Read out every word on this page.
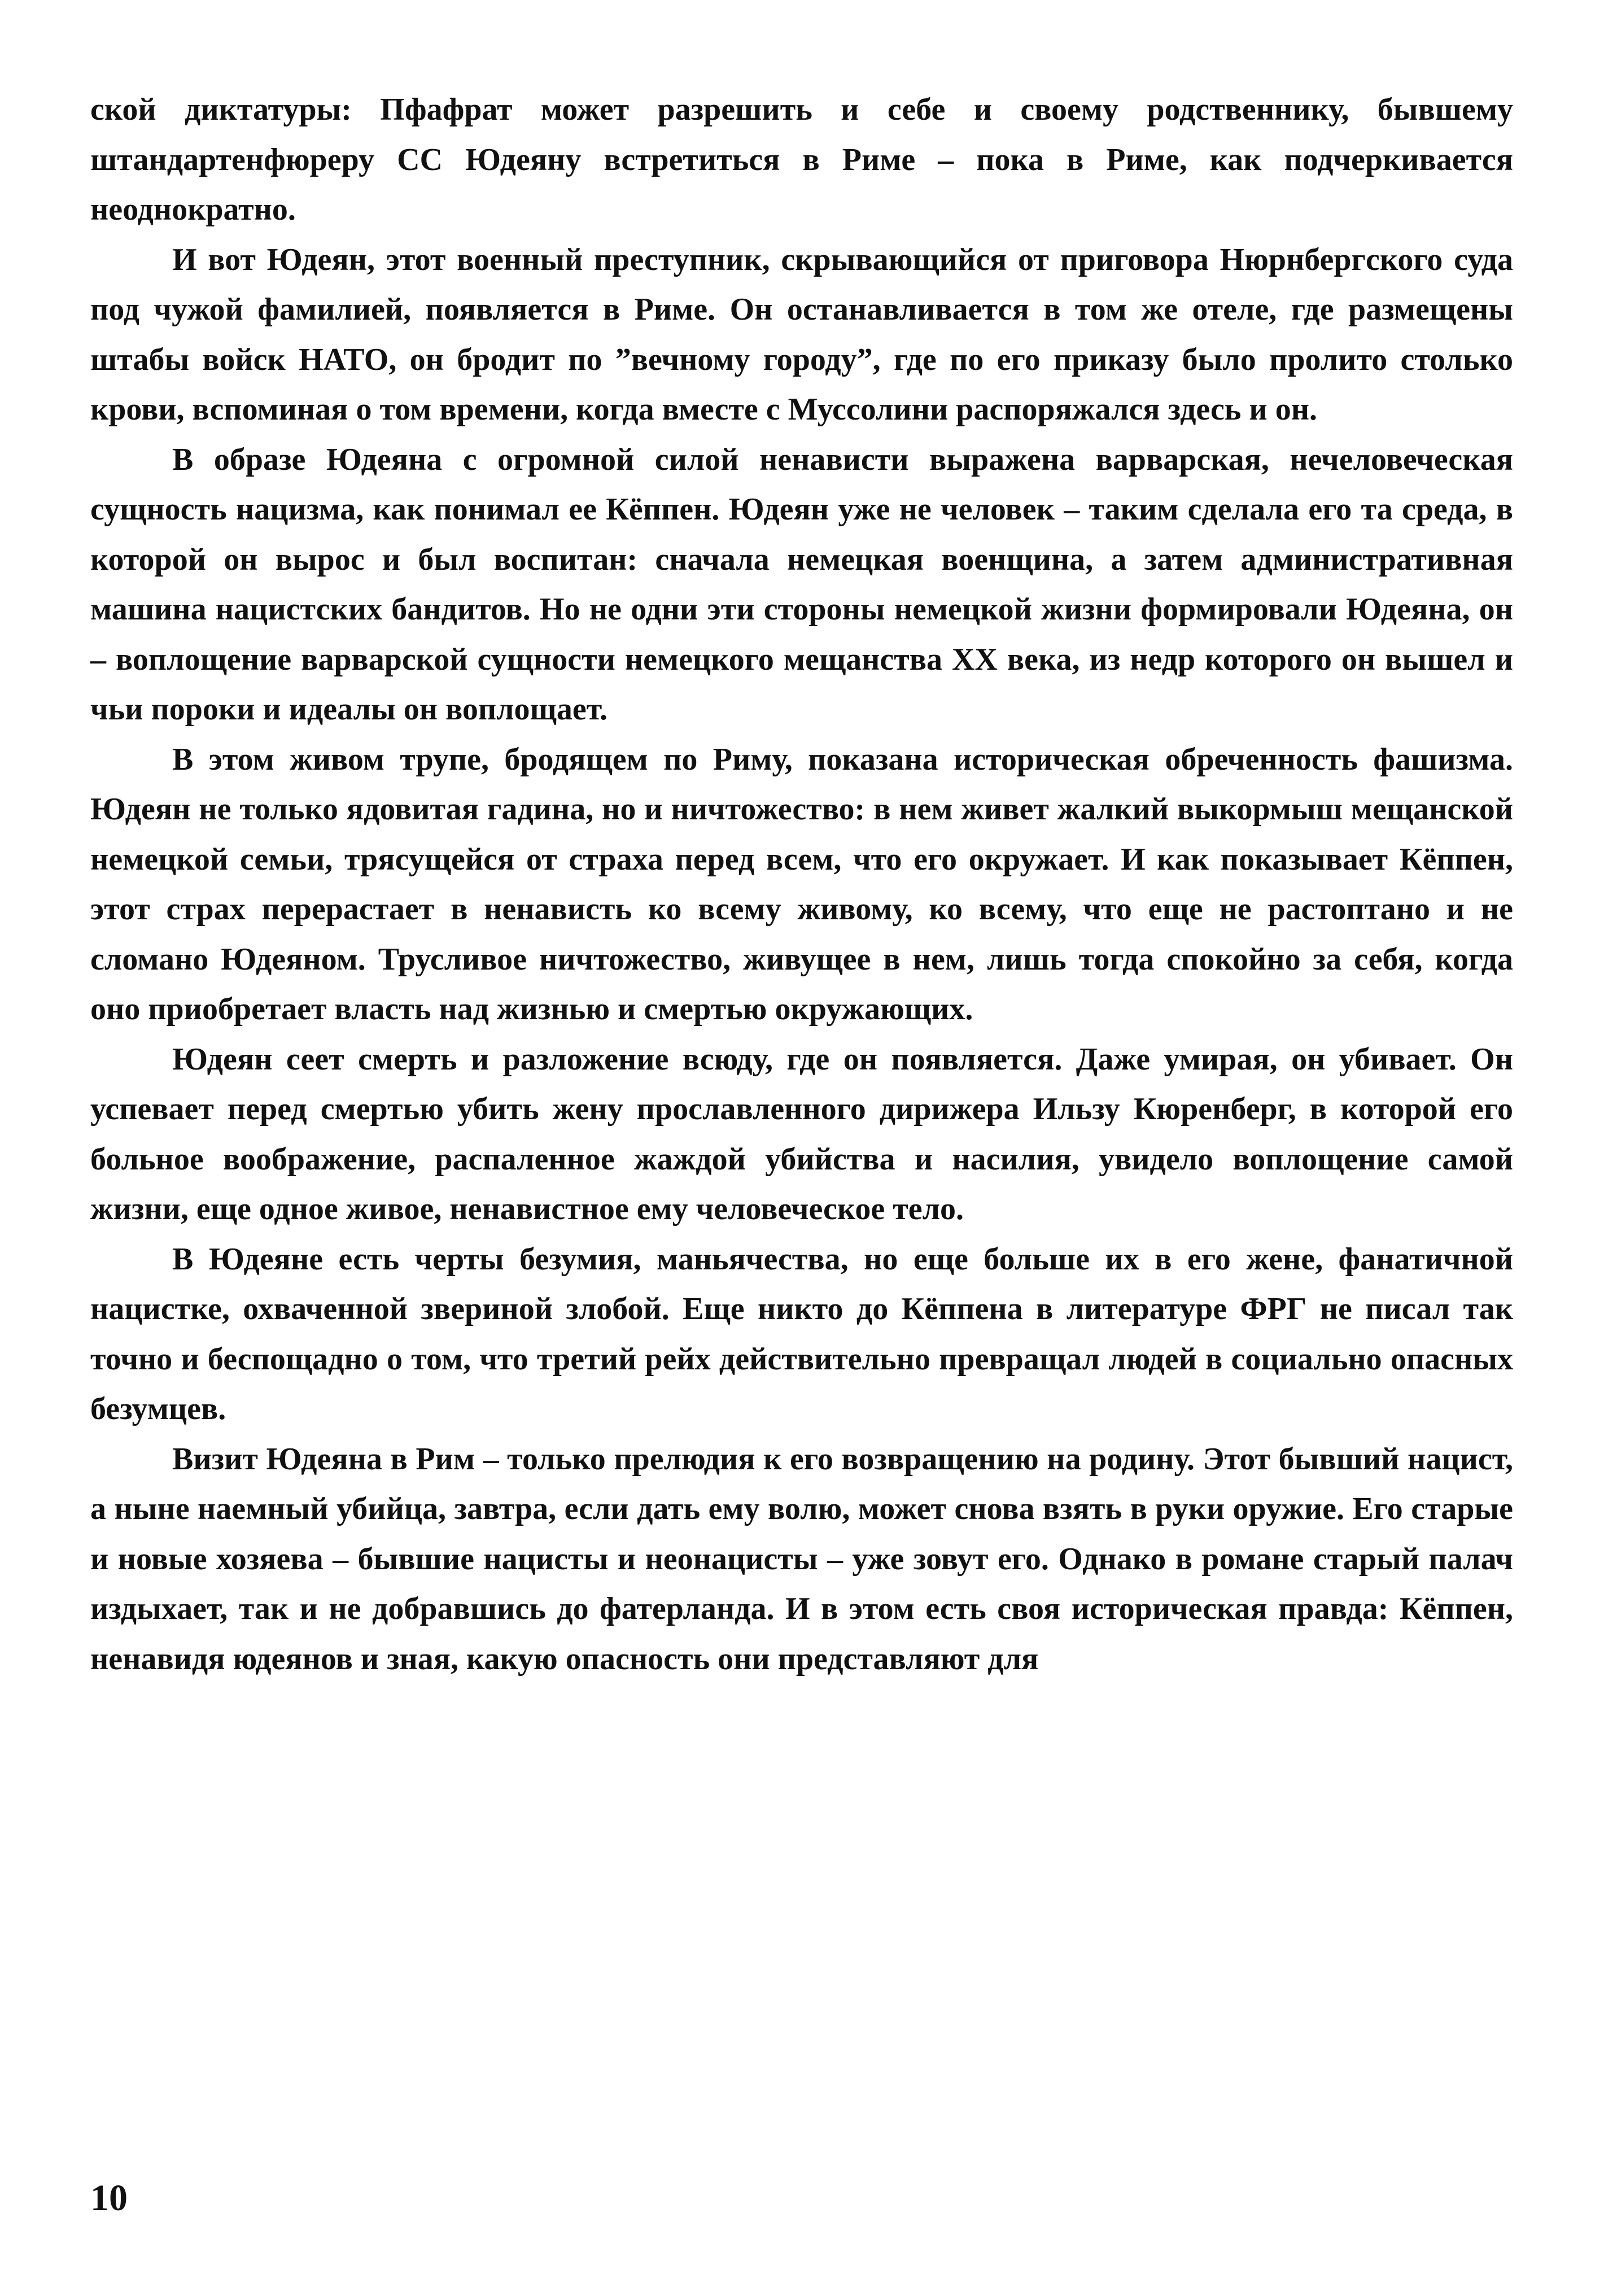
ской диктатуры: Пфафрат может разрешить и себе и своему родственнику, бывшему штандартенфюреру СС Юдеяну встретиться в Риме – пока в Риме, как подчеркивается неоднократно.

И вот Юдеян, этот военный преступник, скрывающийся от приговора Нюрнбергского суда под чужой фамилией, появляется в Риме. Он останавливается в том же отеле, где размещены штабы войск НАТО, он бродит по ”вечному городу”, где по его приказу было пролито столько крови, вспоминая о том времени, когда вместе с Муссолини распоряжался здесь и он.

В образе Юдеяна с огромной силой ненависти выражена варварская, нечеловеческая сущность нацизма, как понимал ее Кёппен. Юдеян уже не человек – таким сделала его та среда, в которой он вырос и был воспитан: сначала немецкая военщина, а затем административная машина нацистских бандитов. Но не одни эти стороны немецкой жизни формировали Юдеяна, он – воплощение варварской сущности немецкого мещанства XX века, из недр которого он вышел и чьи пороки и идеалы он воплощает.

В этом живом трупе, бродящем по Риму, показана историческая обреченность фашизма. Юдеян не только ядовитая гадина, но и ничтожество: в нем живет жалкий выкормыш мещанской немецкой семьи, трясущейся от страха перед всем, что его окружает. И как показывает Кёппен, этот страх перерастает в ненависть ко всему живому, ко всему, что еще не растоптано и не сломано Юдеяном. Трусливое ничтожество, живущее в нем, лишь тогда спокойно за себя, когда оно приобретает власть над жизнью и смертью окружающих.

Юдеян сеет смерть и разложение всюду, где он появляется. Даже умирая, он убивает. Он успевает перед смертью убить жену прославленного дирижера Ильзу Кюренберг, в которой его больное воображение, распаленное жаждой убийства и насилия, увидело воплощение самой жизни, еще одное живое, ненавистное ему человеческое тело.

В Юдеяне есть черты безумия, маньячества, но еще больше их в его жене, фанатичной нацистке, охваченной звериной злобой. Еще никто до Кёппена в литературе ФРГ не писал так точно и беспощадно о том, что третий рейх действительно превращал людей в социально опасных безумцев.

Визит Юдеяна в Рим – только прелюдия к его возвращению на родину. Этот бывший нацист, а ныне наемный убийца, завтра, если дать ему волю, может снова взять в руки оружие. Его старые и новые хозяева – бывшие нацисты и неонацисты – уже зовут его. Однако в романе старый палач издыхает, так и не добравшись до фатерланда. И в этом есть своя историческая правда: Кёппен, ненавидя юдеянов и зная, какую опасность они представляют для

10
